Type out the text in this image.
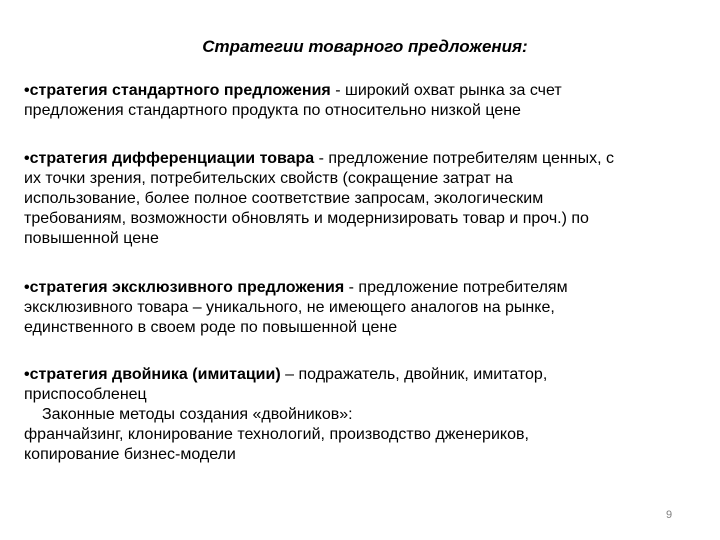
Стратегии товарного предложения:
•стратегия стандартного предложения - широкий охват рынка за счет
предложения стандартного продукта по относительно низкой цене
•стратегия дифференциации товара - предложение потребителям ценных, с
их точки зрения, потребительских свойств (сокращение затрат на
использование, более полное соответствие запросам, экологическим
требованиям, возможности обновлять и модернизировать товар и проч.) по
повышенной цене
•стратегия эксклюзивного предложения - предложение потребителям
эксклюзивного товара – уникального, не имеющего аналогов на рынке,
единственного в своем роде по повышенной цене
•стратегия двойника (имитации) – подражатель, двойник, имитатор,
приспособленец
Законные методы создания «двойников»:
франчайзинг, клонирование технологий, производство дженериков,
копирование бизнес-модели
9
